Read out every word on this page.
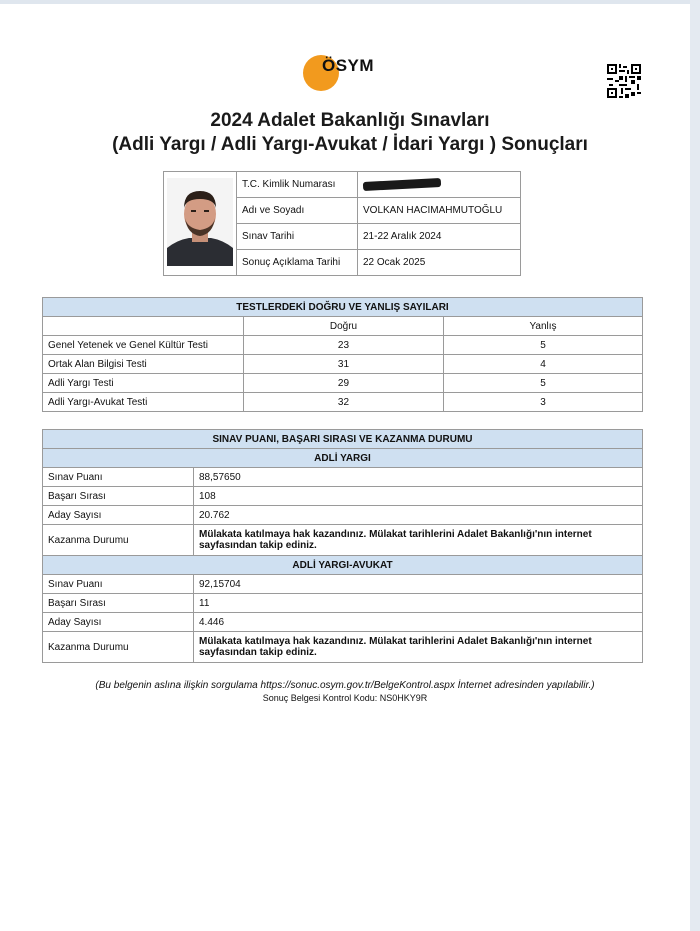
ÖSYM
2024 Adalet Bakanlığı Sınavları
(Adli Yargı / Adli Yargı-Avukat / İdari Yargı ) Sonuçları
	T.C. Kimlik Numarası	
	Adı ve Soyadı	VOLKAN HACIMAHMUTOĞLU
	Sınav Tarihi	21-22 Aralık 2024
	Sonuç Açıklama Tarihi	22 Ocak 2025
TESTLERDEKİ DOĞRU VE YANLIŞ SAYILARI		
	Doğru	Yanlış
Genel Yetenek ve Genel Kültür Testi	23	5
Ortak Alan Bilgisi Testi	31	4
Adli Yargı Testi	29	5
Adli Yargı-Avukat Testi	32	3
SINAV PUANI, BAŞARI SIRASI VE KAZANMA DURUMU	
ADLİ YARGI	
Sınav Puanı	88,57650
Başarı Sırası	108
Aday Sayısı	20.762
Kazanma Durumu	Mülakata katılmaya hak kazandınız. Mülakat tarihlerini Adalet Bakanlığı'nın internet sayfasından takip ediniz.
ADLİ YARGI-AVUKAT	
Sınav Puanı	92,15704
Başarı Sırası	11
Aday Sayısı	4.446
Kazanma Durumu	Mülakata katılmaya hak kazandınız. Mülakat tarihlerini Adalet Bakanlığı'nın internet sayfasından takip ediniz.
(Bu belgenin aslına ilişkin sorgulama https://sonuc.osym.gov.tr/BelgeKontrol.aspx İnternet adresinden yapılabilir.)
Sonuç Belgesi Kontrol Kodu: NS0HKY9R
